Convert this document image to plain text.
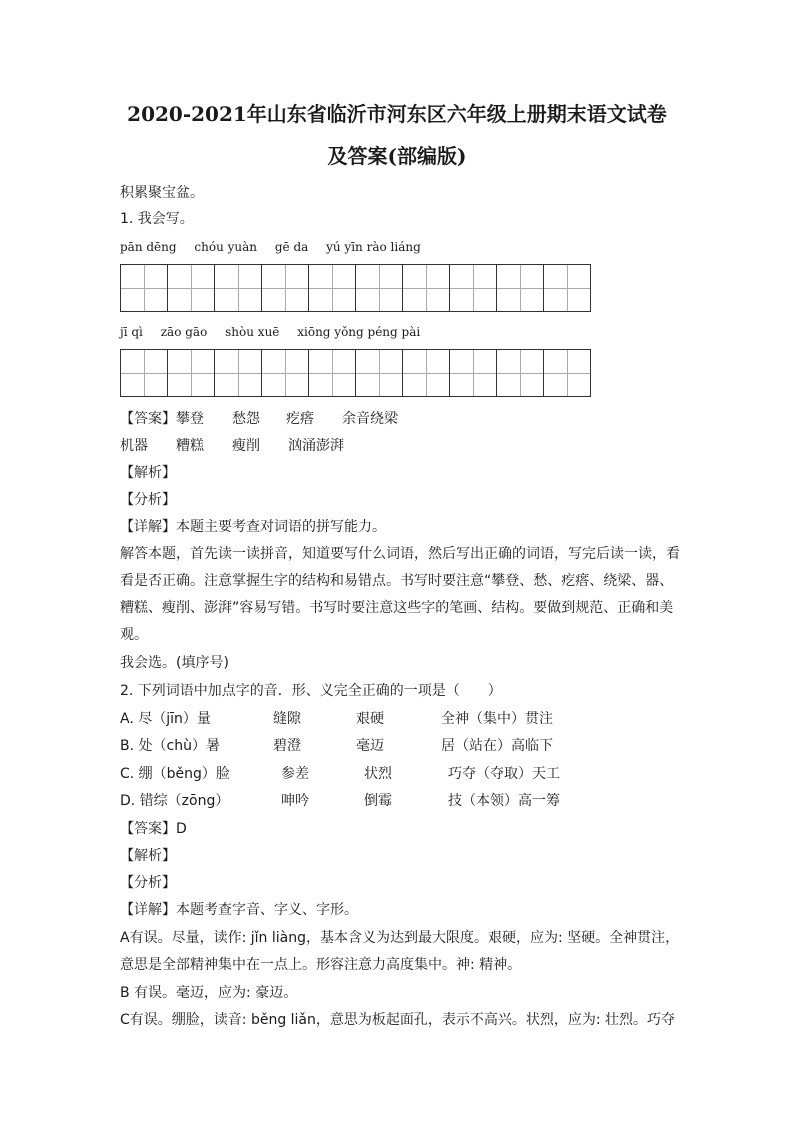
2020-2021年山东省临沂市河东区六年级上册期末语文试卷
及答案(部编版)
积累聚宝盆。
1. 我会写。
pān dēng chóu yuàn gē da yú yīn rào liáng
jī qì zāo gāo shòu xuē xiōng yǒng péng pài
【答案】攀登 愁怨 疙瘩 余音绕梁
机器 糟糕 瘦削 汹涌澎湃
【解析】
【分析】
【详解】本题主要考查对词语的拼写能力。
解答本题，首先读一读拼音，知道要写什么词语，然后写出正确的词语，写完后读一读，看
看是否正确。注意掌握生字的结构和易错点。书写时要注意“攀登、愁、疙瘩、绕梁、器、
糟糕、瘦削、澎湃”容易写错。书写时要注意这些字的笔画、结构。要做到规范、正确和美
观。
我会选。(填序号)
2. 下列词语中加点字的音．形、义完全正确的一项是（　　）
A. 尽（jīn）量	缝隙	艰硬	全神（集中）贯注
B. 处（chù）暑	碧澄	毫迈	居（站在）高临下
C. 绷（běng）脸	参差	状烈	巧夺（夺取）天工
D. 错综（zōng）	呻吟	倒霉	技（本领）高一筹
【答案】D
【解析】
【分析】
【详解】本题考查字音、字义、字形。
A有误。尽量，读作: jǐn liàng，基本含义为达到最大限度。艰硬，应为: 坚硬。全神贯注，
意思是全部精神集中在一点上。形容注意力高度集中。神: 精神。
B 有误。毫迈，应为: 豪迈。
C有误。绷脸，读音: běng liǎn，意思为板起面孔，表示不高兴。状烈，应为: 壮烈。巧夺
